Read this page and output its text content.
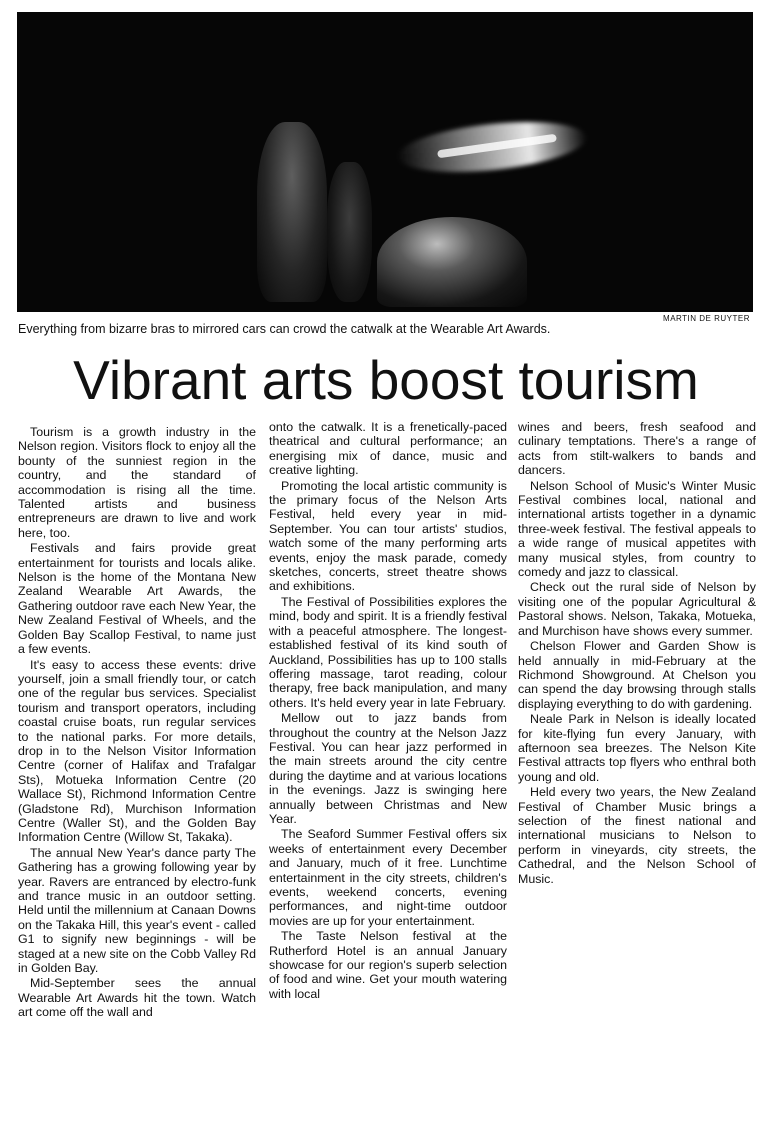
MARTIN DE RUYTER
Everything from bizarre bras to mirrored cars can crowd the catwalk at the Wearable Art Awards.
Vibrant arts boost tourism

Tourism is a growth industry in the Nelson region. Visitors flock to enjoy all the bounty of the sunniest region in the country, and the standard of accommodation is rising all the time. Talented artists and business entrepreneurs are drawn to live and work here, too.

Festivals and fairs provide great entertainment for tourists and locals alike. Nelson is the home of the Montana New Zealand Wearable Art Awards, the Gathering outdoor rave each New Year, the New Zealand Festival of Wheels, and the Golden Bay Scallop Festival, to name just a few events.

It's easy to access these events: drive yourself, join a small friendly tour, or catch one of the regular bus services. Specialist tourism and transport operators, including coastal cruise boats, run regular services to the national parks. For more details, drop in to the Nelson Visitor Information Centre (corner of Halifax and Trafalgar Sts), Motueka Information Centre (20 Wallace St), Richmond Information Centre (Gladstone Rd), Murchison Information Centre (Waller St), and the Golden Bay Information Centre (Willow St, Takaka).

The annual New Year's dance party The Gathering has a growing following year by year. Ravers are entranced by electro-funk and trance music in an outdoor setting. Held until the millennium at Canaan Downs on the Takaka Hill, this year's event - called G1 to signify new beginnings - will be staged at a new site on the Cobb Valley Rd in Golden Bay.

Mid-September sees the annual Wearable Art Awards hit the town. Watch art come off the wall and

onto the catwalk. It is a frenetically-paced theatrical and cultural performance; an energising mix of dance, music and creative lighting.

Promoting the local artistic community is the primary focus of the Nelson Arts Festival, held every year in mid-September. You can tour artists' studios, watch some of the many performing arts events, enjoy the mask parade, comedy sketches, concerts, street theatre shows and exhibitions.

The Festival of Possibilities explores the mind, body and spirit. It is a friendly festival with a peaceful atmosphere. The longest-established festival of its kind south of Auckland, Possibilities has up to 100 stalls offering massage, tarot reading, colour therapy, free back manipulation, and many others. It's held every year in late February.

Mellow out to jazz bands from throughout the country at the Nelson Jazz Festival. You can hear jazz performed in the main streets around the city centre during the daytime and at various locations in the evenings. Jazz is swinging here annually between Christmas and New Year.

The Seaford Summer Festival offers six weeks of entertainment every December and January, much of it free. Lunchtime entertainment in the city streets, children's events, weekend concerts, evening performances, and night-time outdoor movies are up for your entertainment.

The Taste Nelson festival at the Rutherford Hotel is an annual January showcase for our region's superb selection of food and wine. Get your mouth watering with local

wines and beers, fresh seafood and culinary temptations. There's a range of acts from stilt-walkers to bands and dancers.

Nelson School of Music's Winter Music Festival combines local, national and international artists together in a dynamic three-week festival. The festival appeals to a wide range of musical appetites with many musical styles, from country to comedy and jazz to classical.

Check out the rural side of Nelson by visiting one of the popular Agricultural & Pastoral shows. Nelson, Takaka, Motueka, and Murchison have shows every summer.

Chelson Flower and Garden Show is held annually in mid-February at the Richmond Showground. At Chelson you can spend the day browsing through stalls displaying everything to do with gardening.

Neale Park in Nelson is ideally located for kite-flying fun every January, with afternoon sea breezes. The Nelson Kite Festival attracts top flyers who enthral both young and old.

Held every two years, the New Zealand Festival of Chamber Music brings a selection of the finest national and international musicians to Nelson to perform in vineyards, city streets, the Cathedral, and the Nelson School of Music.
